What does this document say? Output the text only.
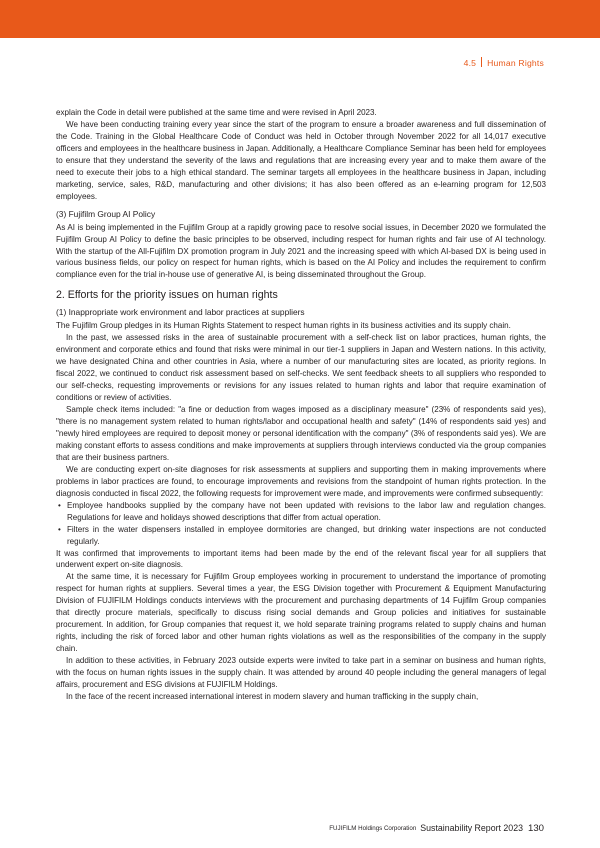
4.5 Human Rights

explain the Code in detail were published at the same time and were revised in April 2023.

We have been conducting training every year since the start of the program to ensure a broader awareness and full dissemination of the Code. Training in the Global Healthcare Code of Conduct was held in October through November 2022 for all 14,017 executive officers and employees in the healthcare business in Japan. Additionally, a Healthcare Compliance Seminar has been held for employees to ensure that they understand the severity of the laws and regulations that are increasing every year and to make them aware of the need to execute their jobs to a high ethical standard. The seminar targets all employees in the healthcare business in Japan, including marketing, service, sales, R&D, manufacturing and other divisions; it has also been offered as an e-learning program for 12,503 employees.

(3) Fujifilm Group AI Policy

As AI is being implemented in the Fujifilm Group at a rapidly growing pace to resolve social issues, in December 2020 we formulated the Fujifilm Group AI Policy to define the basic principles to be observed, including respect for human rights and fair use of AI technology. With the startup of the All-Fujifilm DX promotion program in July 2021 and the increasing speed with which AI-based DX is being used in various business fields, our policy on respect for human rights, which is based on the AI Policy and includes the requirement to confirm compliance even for the trial in-house use of generative AI, is being disseminated throughout the Group.

2. Efforts for the priority issues on human rights
(1) Inappropriate work environment and labor practices at suppliers

The Fujifilm Group pledges in its Human Rights Statement to respect human rights in its business activities and its supply chain.

In the past, we assessed risks in the area of sustainable procurement with a self-check list on labor practices, human rights, the environment and corporate ethics and found that risks were minimal in our tier-1 suppliers in Japan and Western nations. In this activity, we have designated China and other countries in Asia, where a number of our manufacturing sites are located, as priority regions. In fiscal 2022, we continued to conduct risk assessment based on self-checks. We sent feedback sheets to all suppliers who responded to our self-checks, requesting improvements or revisions for any issues related to human rights and labor that require examination of conditions or review of activities.

Sample check items included: "a fine or deduction from wages imposed as a disciplinary measure" (23% of respondents said yes), "there is no management system related to human rights/labor and occupational health and safety" (14% of respondents said yes) and "newly hired employees are required to deposit money or personal identification with the company" (3% of respondents said yes). We are making constant efforts to assess conditions and make improvements at suppliers through interviews conducted via the group companies that are their business partners.

We are conducting expert on-site diagnoses for risk assessments at suppliers and supporting them in making improvements where problems in labor practices are found, to encourage improvements and revisions from the standpoint of human rights protection. In the diagnosis conducted in fiscal 2022, the following requests for improvement were made, and improvements were confirmed subsequently:

• Employee handbooks supplied by the company have not been updated with revisions to the labor law and regulation changes. Regulations for leave and holidays showed descriptions that differ from actual operation.
• Filters in the water dispensers installed in employee dormitories are changed, but drinking water inspections are not conducted regularly.

It was confirmed that improvements to important items had been made by the end of the relevant fiscal year for all suppliers that underwent expert on-site diagnosis.

At the same time, it is necessary for Fujifilm Group employees working in procurement to understand the importance of promoting respect for human rights at suppliers. Several times a year, the ESG Division together with Procurement & Equipment Manufacturing Division of FUJIFILM Holdings conducts interviews with the procurement and purchasing departments of 14 Fujifilm Group companies that directly procure materials, specifically to discuss rising social demands and Group policies and initiatives for sustainable procurement. In addition, for Group companies that request it, we hold separate training programs related to supply chains and human rights, including the risk of forced labor and other human rights violations as well as the responsibilities of the company in the supply chain.

In addition to these activities, in February 2023 outside experts were invited to take part in a seminar on business and human rights, with the focus on human rights issues in the supply chain. It was attended by around 40 people including the general managers of legal affairs, procurement and ESG divisions at FUJIFILM Holdings.

In the face of the recent increased international interest in modern slavery and human trafficking in the supply chain,

FUJIFILM Holdings Corporation Sustainability Report 2023 130
